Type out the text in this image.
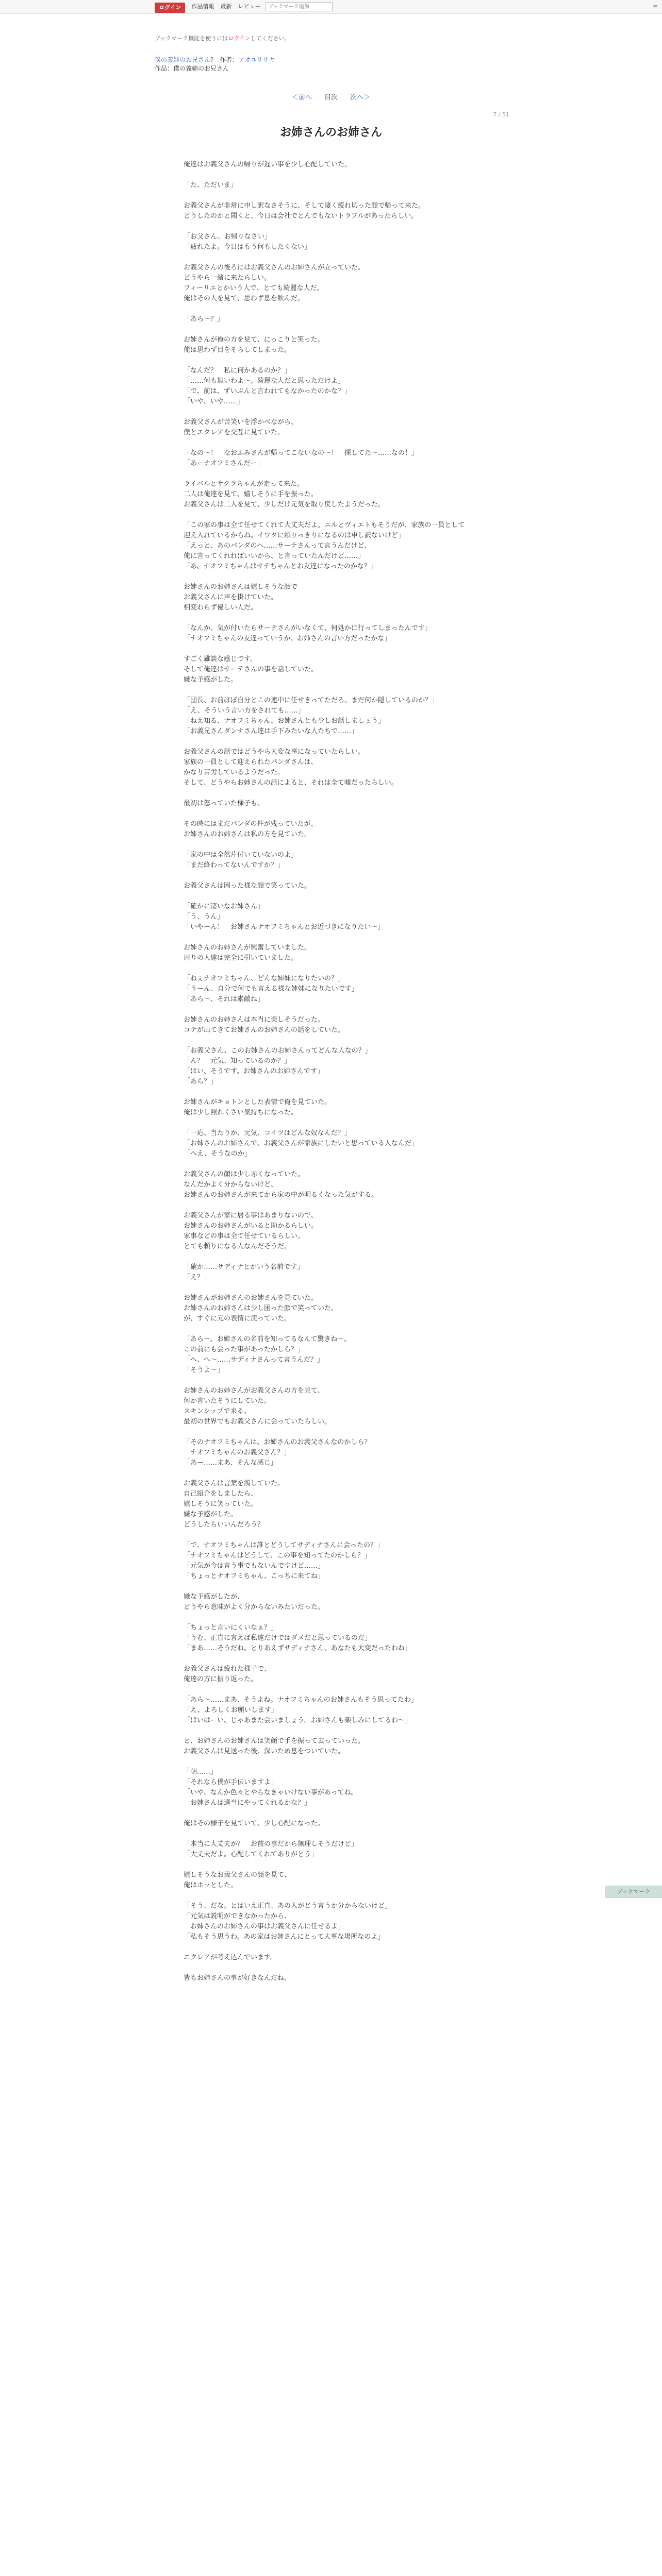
ログイン	作品情報 最新 レビュー
ブックマーク追加	≡
ブックマーク機能を使うにはログインしてください。
僕の義姉のお兄さん? 作者：アオユリサヤ
作品：僕の義姉のお兄さん
＜前へ 目次 次へ＞
7 / 51
お姉さんのお姉さん
俺達はお義父さんの帰りが遅い事を少し心配していた。
「た、ただいま」
お義父さんが非常に申し訳なさそうに、そして凄く疲れ切った顔で帰って来た。
どうしたのかと聞くと、今日は会社でとんでもないトラブルがあったらしい。
「お父さん、お帰りなさい」
「疲れたよ。今日はもう何もしたくない」
お義父さんの後ろにはお義父さんのお姉さんが立っていた。
どうやら一緒に来たらしい。
フィーリエとかいう人で、とても綺麗な人だ。
俺はその人を見て、思わず息を飲んだ。
「あら〜？」
お姉さんが俺の方を見て、にっこりと笑った。
俺は思わず目をそらしてしまった。
「なんだ？　私に何かあるのか？」
「……何も無いわよ〜。綺麗な人だと思っただけよ」
「で、前は、ずいぶんと言われてもなかったのかな？」
「いや、いや……」
お義父さんが苦笑いを浮かべながら、
僕とエクレアを交互に見ていた。
「なの〜！　なおふみさんが帰ってこないなの〜！　探してた〜……なの！」
「あーナオフミさんだー」
ライバルとサクラちゃんが走って来た。
二人は俺達を見て、嬉しそうに手を振った。
お義父さんは二人を見て、少しだけ元気を取り戻したようだった。
「この家の事は全て任せてくれて大丈夫だよ。ニルとヴィエトもそうだが、家族の一員として
迎え入れているからね。イワタに頼りっきりになるのは申し訳ないけど」
「えっと、あのパンダのヘ……サーテさんって言うんだけど、
俺に言ってくれればいいから、と言っていたんだけど……」
「あ、ナオフミちゃんはサテちゃんとお友達になったのかな？」
お姉さんのお姉さんは嬉しそうな顔で
お義父さんに声を掛けていた。
相変わらず優しい人だ。
「なんか、気が付いたらサーテさんがいなくて、何処かに行ってしまったんです」
「ナオフミちゃんの友達っていうか、お姉さんの言い方だったかな」
すごく雑談な感じです。
そして俺達はサーテさんの事を話していた。
嫌な予感がした。
「団長、お前ほぼ自分とこの連中に任せきってただろ。まだ何か隠しているのか？」
「え、そういう言い方をされても……」
「ねえ知る、ナオフミちゃん。お姉さんとも少しお話しましょう」
「お義兄さんダンナさん達は手下みたいな人たちで……」
お義父さんの話ではどうやら大変な事になっていたらしい。
家族の一員として迎えられたパンダさんは、
かなり苦労しているようだった。
そして、どうやらお姉さんの話によると、それは全て嘘だったらしい。
最初は怒っていた様子も、
その時にはまだパンダの件が残っていたが、
お姉さんのお姉さんは私の方を見ていた。
「家の中は全然片付いていないのよ」
「まだ終わってないんですか？」
お義父さんは困った様な顔で笑っていた。
「確かに凄いなお姉さん」
「う、うん」
「いやーん！　お姉さんナオフミちゃんとお近づきになりたい〜」
お姉さんのお姉さんが興奮していました。
周りの人達は完全に引いていました。
「ねぇナオフミちゃん、どんな姉妹になりたいの？」
「うーん、自分で何でも言える様な姉妹になりたいです」
「あら〜、それは素敵ね」
お姉さんのお姉さんは本当に楽しそうだった。
コテが出てきてお姉さんのお姉さんの話をしていた。
「お義父さん、このお姉さんのお姉さんってどんな人なの？」
「ん？　元気、知っているのか？」
「はい、そうです。お姉さんのお姉さんです」
「あら？」
お姉さんがキョトンとした表情で俺を見ていた。
俺は少し照れくさい気持ちになった。
「一応、当たりか、元気、コイツはどんな奴なんだ？」
「お姉さんのお姉さんで、お義父さんが家族にしたいと思っている人なんだ」
「へえ、そうなのか」
お義父さんの顔は少し赤くなっていた。
なんだかよく分からないけど、
お姉さんのお姉さんが来てから家の中が明るくなった気がする。
お義父さんが家に居る事はあまりないので、
お姉さんのお姉さんがいると助かるらしい。
家事などの事は全て任せているらしい。
とても頼りになる人なんだそうだ。
「確か……サディナとかいう名前です」
「え？」
お姉さんがお姉さんのお姉さんを見ていた。
お姉さんのお姉さんは少し困った顔で笑っていた。
が、すぐに元の表情に戻っていた。
「あらー、お姉さんの名前を知ってるなんて驚きね〜。
この前にも会った事があったかしら？」
「へ、へ〜……サディナさんって言うんだ？」
「そうよ〜」
お姉さんのお姉さんがお義父さんの方を見て、
何か言いたそうにしていた。
スキンシップで来る。
最初の世界でもお義父さんに会っていたらしい。
「そのナオフミちゃんは、お姉さんのお義父さんなのかしら？
　ナオフミちゃんのお義父さん？」
「あー……まあ、そんな感じ」
お義父さんは言葉を濁していた。
自己紹介をしましたら、
嬉しそうに笑っていた。
嫌な予感がした。
どうしたらいいんだろう？
「で、ナオフミちゃんは誰とどうしてサディナさんに会ったの？」
「ナオフミちゃんはどうして、この事を知ってたのかしら？」
「元気が今は言う事でもないんですけど……」
「ちょっとナオフミちゃん、こっちに来てね」
嫌な予感がしたが、
どうやら意味がよく分からないみたいだった。
「ちょっと言いにくいなぁ？」
「うむ、正直に言えば私達だけではダメだと思っているのだ」
「まあ……そうだね。とりあえずサディナさん、あなたも大変だったわね」
お義父さんは疲れた様子で、
俺達の方に振り返った。
「あら〜……まあ、そうよね。ナオフミちゃんのお姉さんもそう思ってたわ」
「え、よろしくお願いします」
「はいはーい、じゃあまた会いましょう。お姉さんも楽しみにしてるわ〜」
と、お姉さんのお姉さんは笑顔で手を振って去っていった。
お義父さんは見送った後、深いため息をついていた。
「朝……」
「それなら僕が手伝いますよ」
「いや、なんか色々とやらなきゃいけない事があってね。
　お姉さんは適当にやってくれるかな？」
俺はその様子を見ていて、少し心配になった。
「本当に大丈夫か？　お前の事だから無理しそうだけど」
「大丈夫だよ。心配してくれてありがとう」
嬉しそうなお義父さんの顔を見て、
俺はホッとした。
「そう、だな。とはいえ正直、あの人がどう言うか分からないけど」
「元気は説明ができなかったから、
　お姉さんのお姉さんの事はお義父さんに任せるよ」
「私もそう思うわ。あの家はお姉さんにとって大事な場所なのよ」
エクレアが考え込んでいます。
皆もお姉さんの事が好きなんだね。
ブックマーク
